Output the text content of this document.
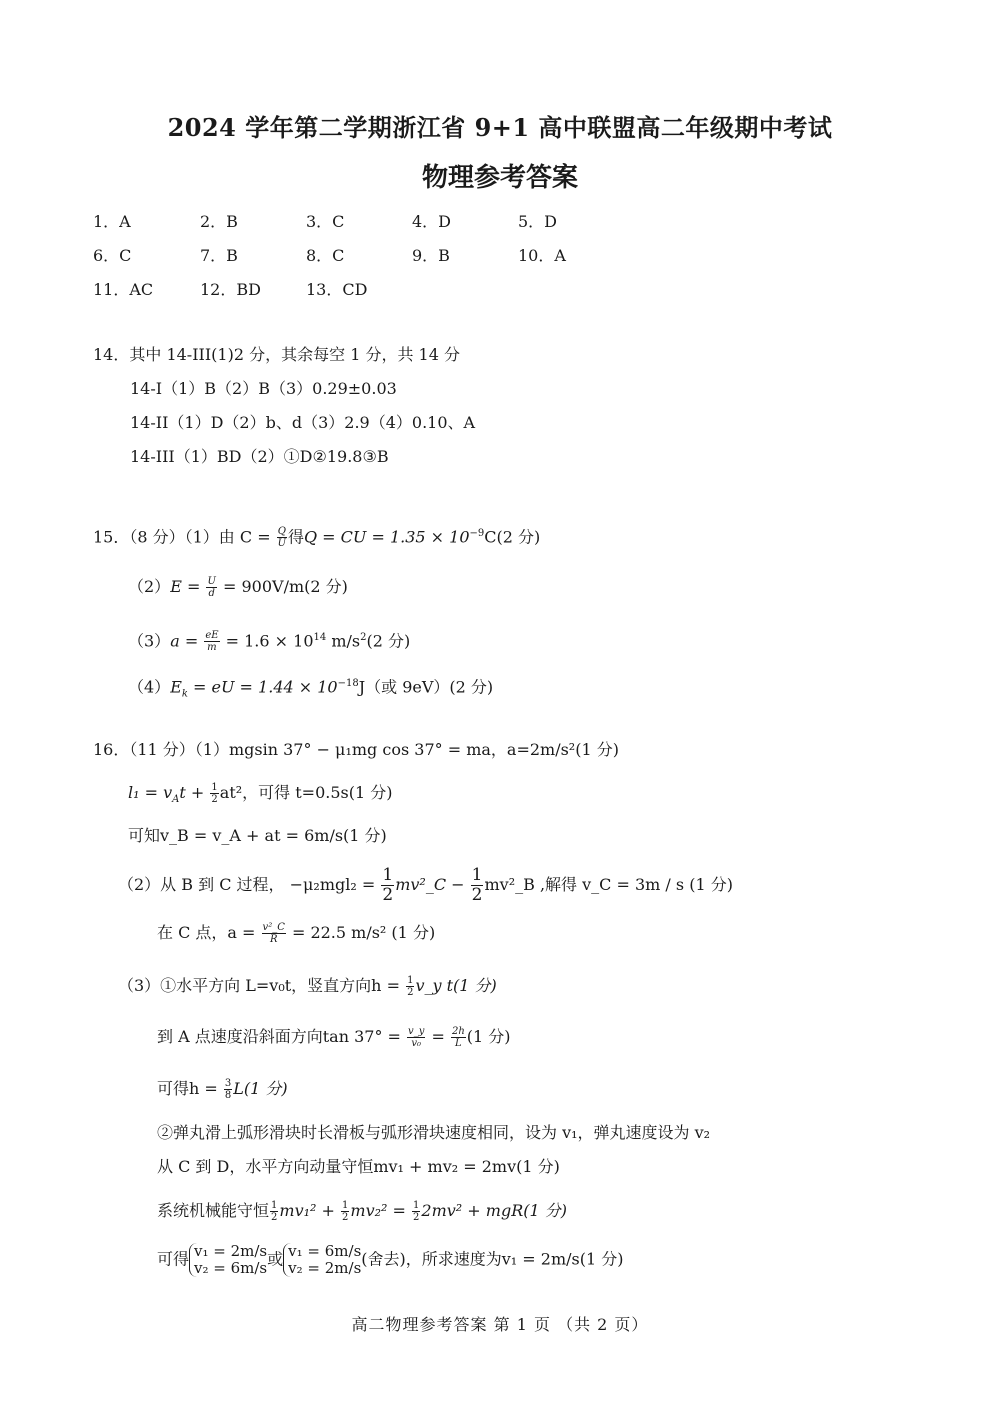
2024 学年第二学期浙江省 9+1 高中联盟高二年级期中考试
物理参考答案
1．A	2．B	3．C	4．D	5．D
6．C	7．B	8．C	9．B	10．A
11．AC	12．BD	13．CD
14．其中 14-III(1)2 分，其余每空 1 分，共 14 分
14-I（1）B（2）B（3）0.29±0.03
14-II（1）D（2）b、d（3）2.9（4）0.10、A
14-III（1）BD（2）①D②19.8③B
15．（8 分）（1）由 $C = \frac{Q}{U}$ 得Q = CU = $1.35 \times 10^{-9}C(2$ 分)
$(2)E = \frac{U}{d} = 900V/m(2$ 分)
$(3)a = \frac{eE}{m} = 1.6 \times 10^{14}$ $m/s^2(2$ 分)
$(4)E_k$ = eU = $1.44 \times 10^{-18}J$（或 9eV）(2 分)
16．（11 分）（1）mgsin 37° − μ₁mg cos 37° = ma，a=2m/s²(1 分)
$l_1 = v_At + \frac{1}{2} at^2$，可得 t=0.5s(1 分)
可知v_B = v_A + at = 6m/s(1 分)
（2）从 B 到 C 过程， $-\mu_2mgl_2 = \frac{1}{2}$ mv²_C − $\frac{1}{2}$ mv²_B ,解得 v_C = 3m / s (1 分)
在 C 点，$a = \frac{\text{v²\_C}}{R} = 22.5$ m/s² (1 分)
（3）①水平方向 L=v₀t，竖直方向$h = \frac{1}{2}$ v_y t(1 分)
到 A 点速度沿斜面方向$\tan 37^\circ = \frac{v\_y}{\text{v₀}} = \frac{2h}{L} (1$ 分)
可得$h = \frac{3}{8} L(1$ 分)
②弹丸滑上弧形滑块时长滑板与弧形滑块速度相同，设为 v₁，弹丸速度设为 v₂
从 C 到 D，水平方向动量守恒mv₁ + mv₂ = 2mv(1 分)
系统机械能守恒 $\frac{1}{2} mv_1^2 + \frac{1}{2} mv_2^2 = \frac{1}{2} 2mv^2 + mgR(1$ 分)
可得 v₁ = 2m/s
v₂ = 6m/s 或 v₁ = 6m/s
v₂ = 2m/s (舍去)，所求速度为v₁ = 2m/s(1 分)
高二物理参考答案 第 1 页 （共 2 页）
